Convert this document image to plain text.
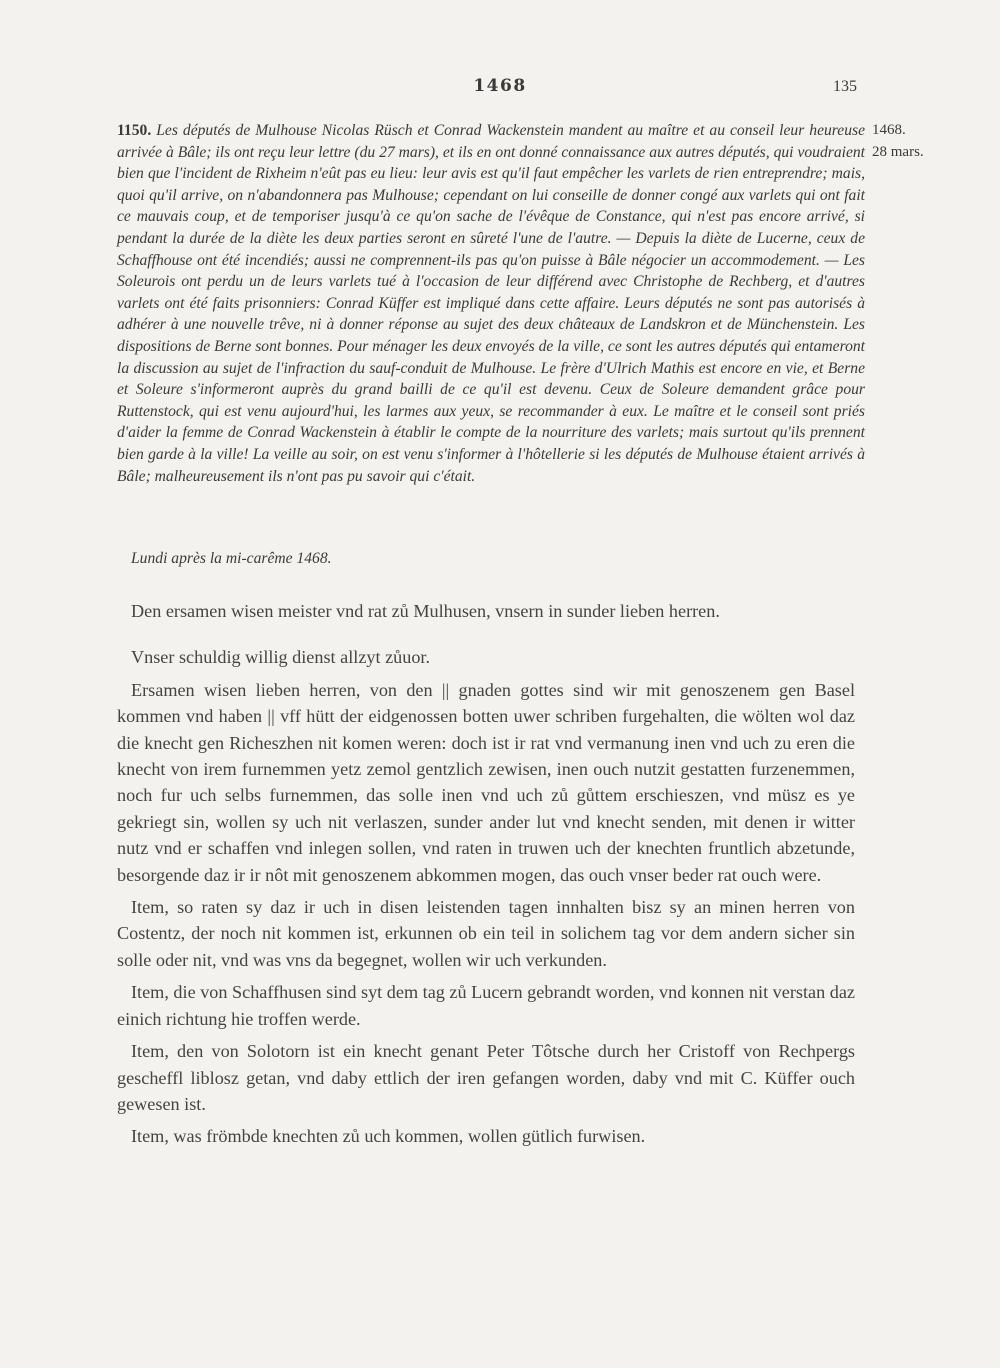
1468	135

1150. Les députés de Mulhouse Nicolas Rüsch et Conrad Wackenstein mandent au maître et au conseil leur heureuse arrivée à Bâle; ils ont reçu leur lettre (du 27 mars), et ils en ont donné connaissance aux autres députés, qui voudraient bien que l'incident de Rixheim n'eût pas eu lieu: leur avis est qu'il faut empêcher les varlets de rien entreprendre; mais, quoi qu'il arrive, on n'abandonnera pas Mulhouse; cependant on lui conseille de donner congé aux varlets qui ont fait ce mauvais coup, et de temporiser jusqu'à ce qu'on sache de l'évêque de Constance, qui n'est pas encore arrivé, si pendant la durée de la diète les deux parties seront en sûreté l'une de l'autre. — Depuis la diète de Lucerne, ceux de Schaffhouse ont été incendiés; aussi ne comprennent-ils pas qu'on puisse à Bâle négocier un accommodement. — Les Soleurois ont perdu un de leurs varlets tué à l'occasion de leur différend avec Christophe de Rechberg, et d'autres varlets ont été faits prisonniers: Conrad Küffer est impliqué dans cette affaire. Leurs députés ne sont pas autorisés à adhérer à une nouvelle trêve, ni à donner réponse au sujet des deux châteaux de Landskron et de Münchenstein. Les dispositions de Berne sont bonnes. Pour ménager les deux envoyés de la ville, ce sont les autres députés qui entameront la discussion au sujet de l'infraction du sauf-conduit de Mulhouse. Le frère d'Ulrich Mathis est encore en vie, et Berne et Soleure s'informeront auprès du grand bailli de ce qu'il est devenu. Ceux de Soleure demandent grâce pour Ruttenstock, qui est venu aujourd'hui, les larmes aux yeux, se recommander à eux. Le maître et le conseil sont priés d'aider la femme de Conrad Wackenstein à établir le compte de la nourriture des varlets; mais surtout qu'ils prennent bien garde à la ville! La veille au soir, on est venu s'informer à l'hôtellerie si les députés de Mulhouse étaient arrivés à Bâle; malheureusement ils n'ont pas pu savoir qui c'était.

1468.
28 mars.
Lundi après la mi-carême 1468.

Den ersamen wisen meister vnd rat zů Mulhusen, vnsern in sunder lieben herren.

Vnser schuldig willig dienst allzyt zůuor.

Ersamen wisen lieben herren, von den || gnaden gottes sind wir mit genoszenem gen Basel kommen vnd haben || vff hütt der eidgenossen botten uwer schriben furgehalten, die wölten wol daz die knecht gen Richeszhen nit komen weren: doch ist ir rat vnd vermanung inen vnd uch zu eren die knecht von irem furnemmen yetz zemol gentzlich zewisen, inen ouch nutzit gestatten furzenemmen, noch fur uch selbs furnemmen, das solle inen vnd uch zů gůttem erschieszen, vnd müsz es ye gekriegt sin, wollen sy uch nit verlaszen, sunder ander lut vnd knecht senden, mit denen ir witter nutz vnd er schaffen vnd inlegen sollen, vnd raten in truwen uch der knechten fruntlich abzetunde, besorgende daz ir ir nôt mit genoszenem abkommen mogen, das ouch vnser beder rat ouch were.

Item, so raten sy daz ir uch in disen leistenden tagen innhalten bisz sy an minen herren von Costentz, der noch nit kommen ist, erkunnen ob ein teil in solichem tag vor dem andern sicher sin solle oder nit, vnd was vns da begegnet, wollen wir uch verkunden.

Item, die von Schaffhusen sind syt dem tag zů Lucern gebrandt worden, vnd konnen nit verstan daz einich richtung hie troffen werde.

Item, den von Solotorn ist ein knecht genant Peter Tôtsche durch her Cristoff von Rechpergs gescheffl liblosz getan, vnd daby ettlich der iren gefangen worden, daby vnd mit C. Küffer ouch gewesen ist.

Item, was frömbde knechten zů uch kommen, wollen gütlich furwisen.
